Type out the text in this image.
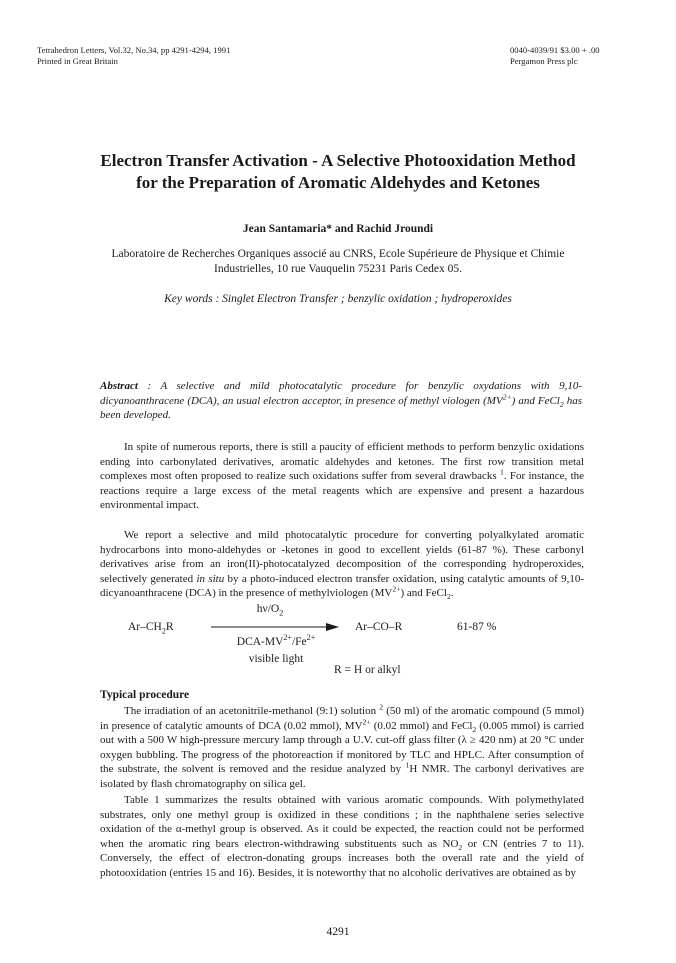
Tetrahedron Letters, Vol.32, No.34, pp 4291-4294, 1991
Printed in Great Britain
0040-4039/91 $3.00 + .00
Pergamon Press plc
Electron Transfer Activation - A Selective Photooxidation Method
for the Preparation of Aromatic Aldehydes and Ketones
Jean Santamaria* and Rachid Jroundi
Laboratoire de Recherches Organiques associé au CNRS, Ecole Supérieure de Physique et Chimie
Industrielles, 10 rue Vauquelin 75231 Paris Cedex 05.
Key words : Singlet Electron Transfer ; benzylic oxidation ; hydroperoxides
Abstract : A selective and mild photocatalytic procedure for benzylic oxydations with 9,10-dicyanoanthracene (DCA), an usual electron acceptor, in presence of methyl viologen $(MV^{2+})$ and FeCl$_2$ has been developed.
In spite of numerous reports, there is still a paucity of efficient methods to perform benzylic oxidations ending into carbonylated derivatives, aromatic aldehydes and ketones. The first row transition metal complexes most often proposed to realize such oxidations suffer from several drawbacks $^1$. For instance, the reactions require a large excess of the metal reagents which are expensive and present a hazardous environmental impact.
We report a selective and mild photocatalytic procedure for converting polyalkylated aromatic hydrocarbons into mono-aldehydes or -ketones in good to excellent yields (61-87 %). These carbonyl derivatives arise from an iron(II)-photocatalyzed decomposition of the corresponding hydroperoxides, selectively generated in situ by a photo-induced electron transfer oxidation, using catalytic amounts of 9,10-dicyanoanthracene (DCA) in the presence of methylviologen $(MV^{2+})$ and FeCl$_2$.
$Ar-CH_2R$
$h\nu/O_2$
DCA-$MV^{2+}/Fe^{2+}$
visible light
Ar–CO–R	61-87 %
R = H or alkyl
Typical procedure
The irradiation of an acetonitrile-methanol (9:1) solution $^2$ (50 ml) of the aromatic compound (5 mmol) in presence of catalytic amounts of DCA (0.02 mmol), $MV^{2+}$ (0.02 mmol) and FeCl$_2$ (0.005 mmol) is carried out with a 500 W high-pressure mercury lamp through a U.V. cut-off glass filter (λ ≥ 420 nm) at 20 °C under oxygen bubbling. The progress of the photoreaction if monitored by TLC and HPLC. After consumption of the substrate, the solvent is removed and the residue analyzed by $^1$H NMR. The carbonyl derivatives are isolated by flash chromatography on silica gel.
Table 1 summarizes the results obtained with various aromatic compounds. With polymethylated substrates, only one methyl group is oxidized in these conditions ; in the naphthalene series selective oxidation of the α-methyl group is observed. As it could be expected, the reaction could not be performed when the aromatic ring bears electron-withdrawing substituents such as $NO_2$ or CN (entries 7 to 11). Conversely, the effect of electron-donating groups increases both the overall rate and the yield of photooxidation (entries 15 and 16). Besides, it is noteworthy that no alcoholic derivatives are obtained as by
4291
